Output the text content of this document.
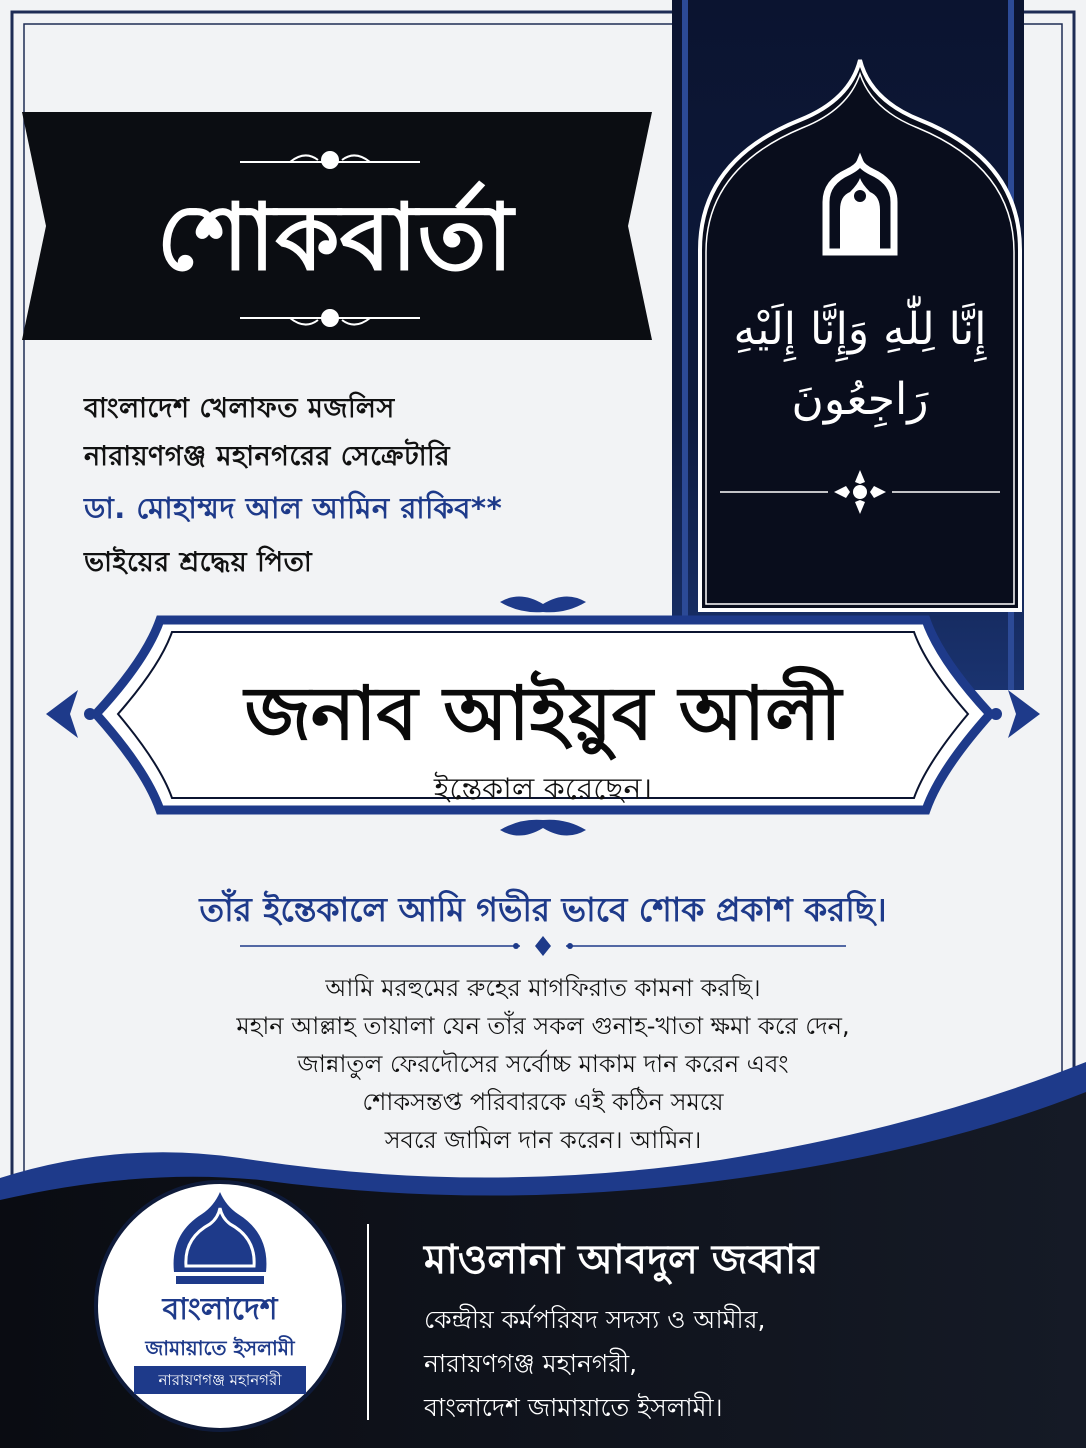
শোকবার্তা
إِنَّا لِلّٰهِ وَإِنَّا إِلَيْهِ
رَاجِعُونَ
বাংলাদেশ খেলাফত মজলিস
নারায়ণগঞ্জ মহানগরের সেক্রেটারি
ডা. মোহাম্মদ আল আমিন রাকিব**
ভাইয়ের শ্রদ্ধেয় পিতা
জনাব আইয়ুব আলী
ইন্তেকাল করেছেন।
তাঁর ইন্তেকালে আমি গভীর ভাবে শোক প্রকাশ করছি।
আমি মরহুমের রুহের মাগফিরাত কামনা করছি।
মহান আল্লাহ তায়ালা যেন তাঁর সকল গুনাহ-খাতা ক্ষমা করে দেন,
জান্নাতুল ফেরদৌসের সর্বোচ্চ মাকাম দান করেন এবং
শোকসন্তপ্ত পরিবারকে এই কঠিন সময়ে
সবরে জামিল দান করেন। আমিন।
বাংলাদেশ
জামায়াতে ইসলামী
নারায়ণগঞ্জ মহানগরী
মাওলানা আবদুল জব্বার
কেন্দ্রীয় কর্মপরিষদ সদস্য ও আমীর,
নারায়ণগঞ্জ মহানগরী,
বাংলাদেশ জামায়াতে ইসলামী।
